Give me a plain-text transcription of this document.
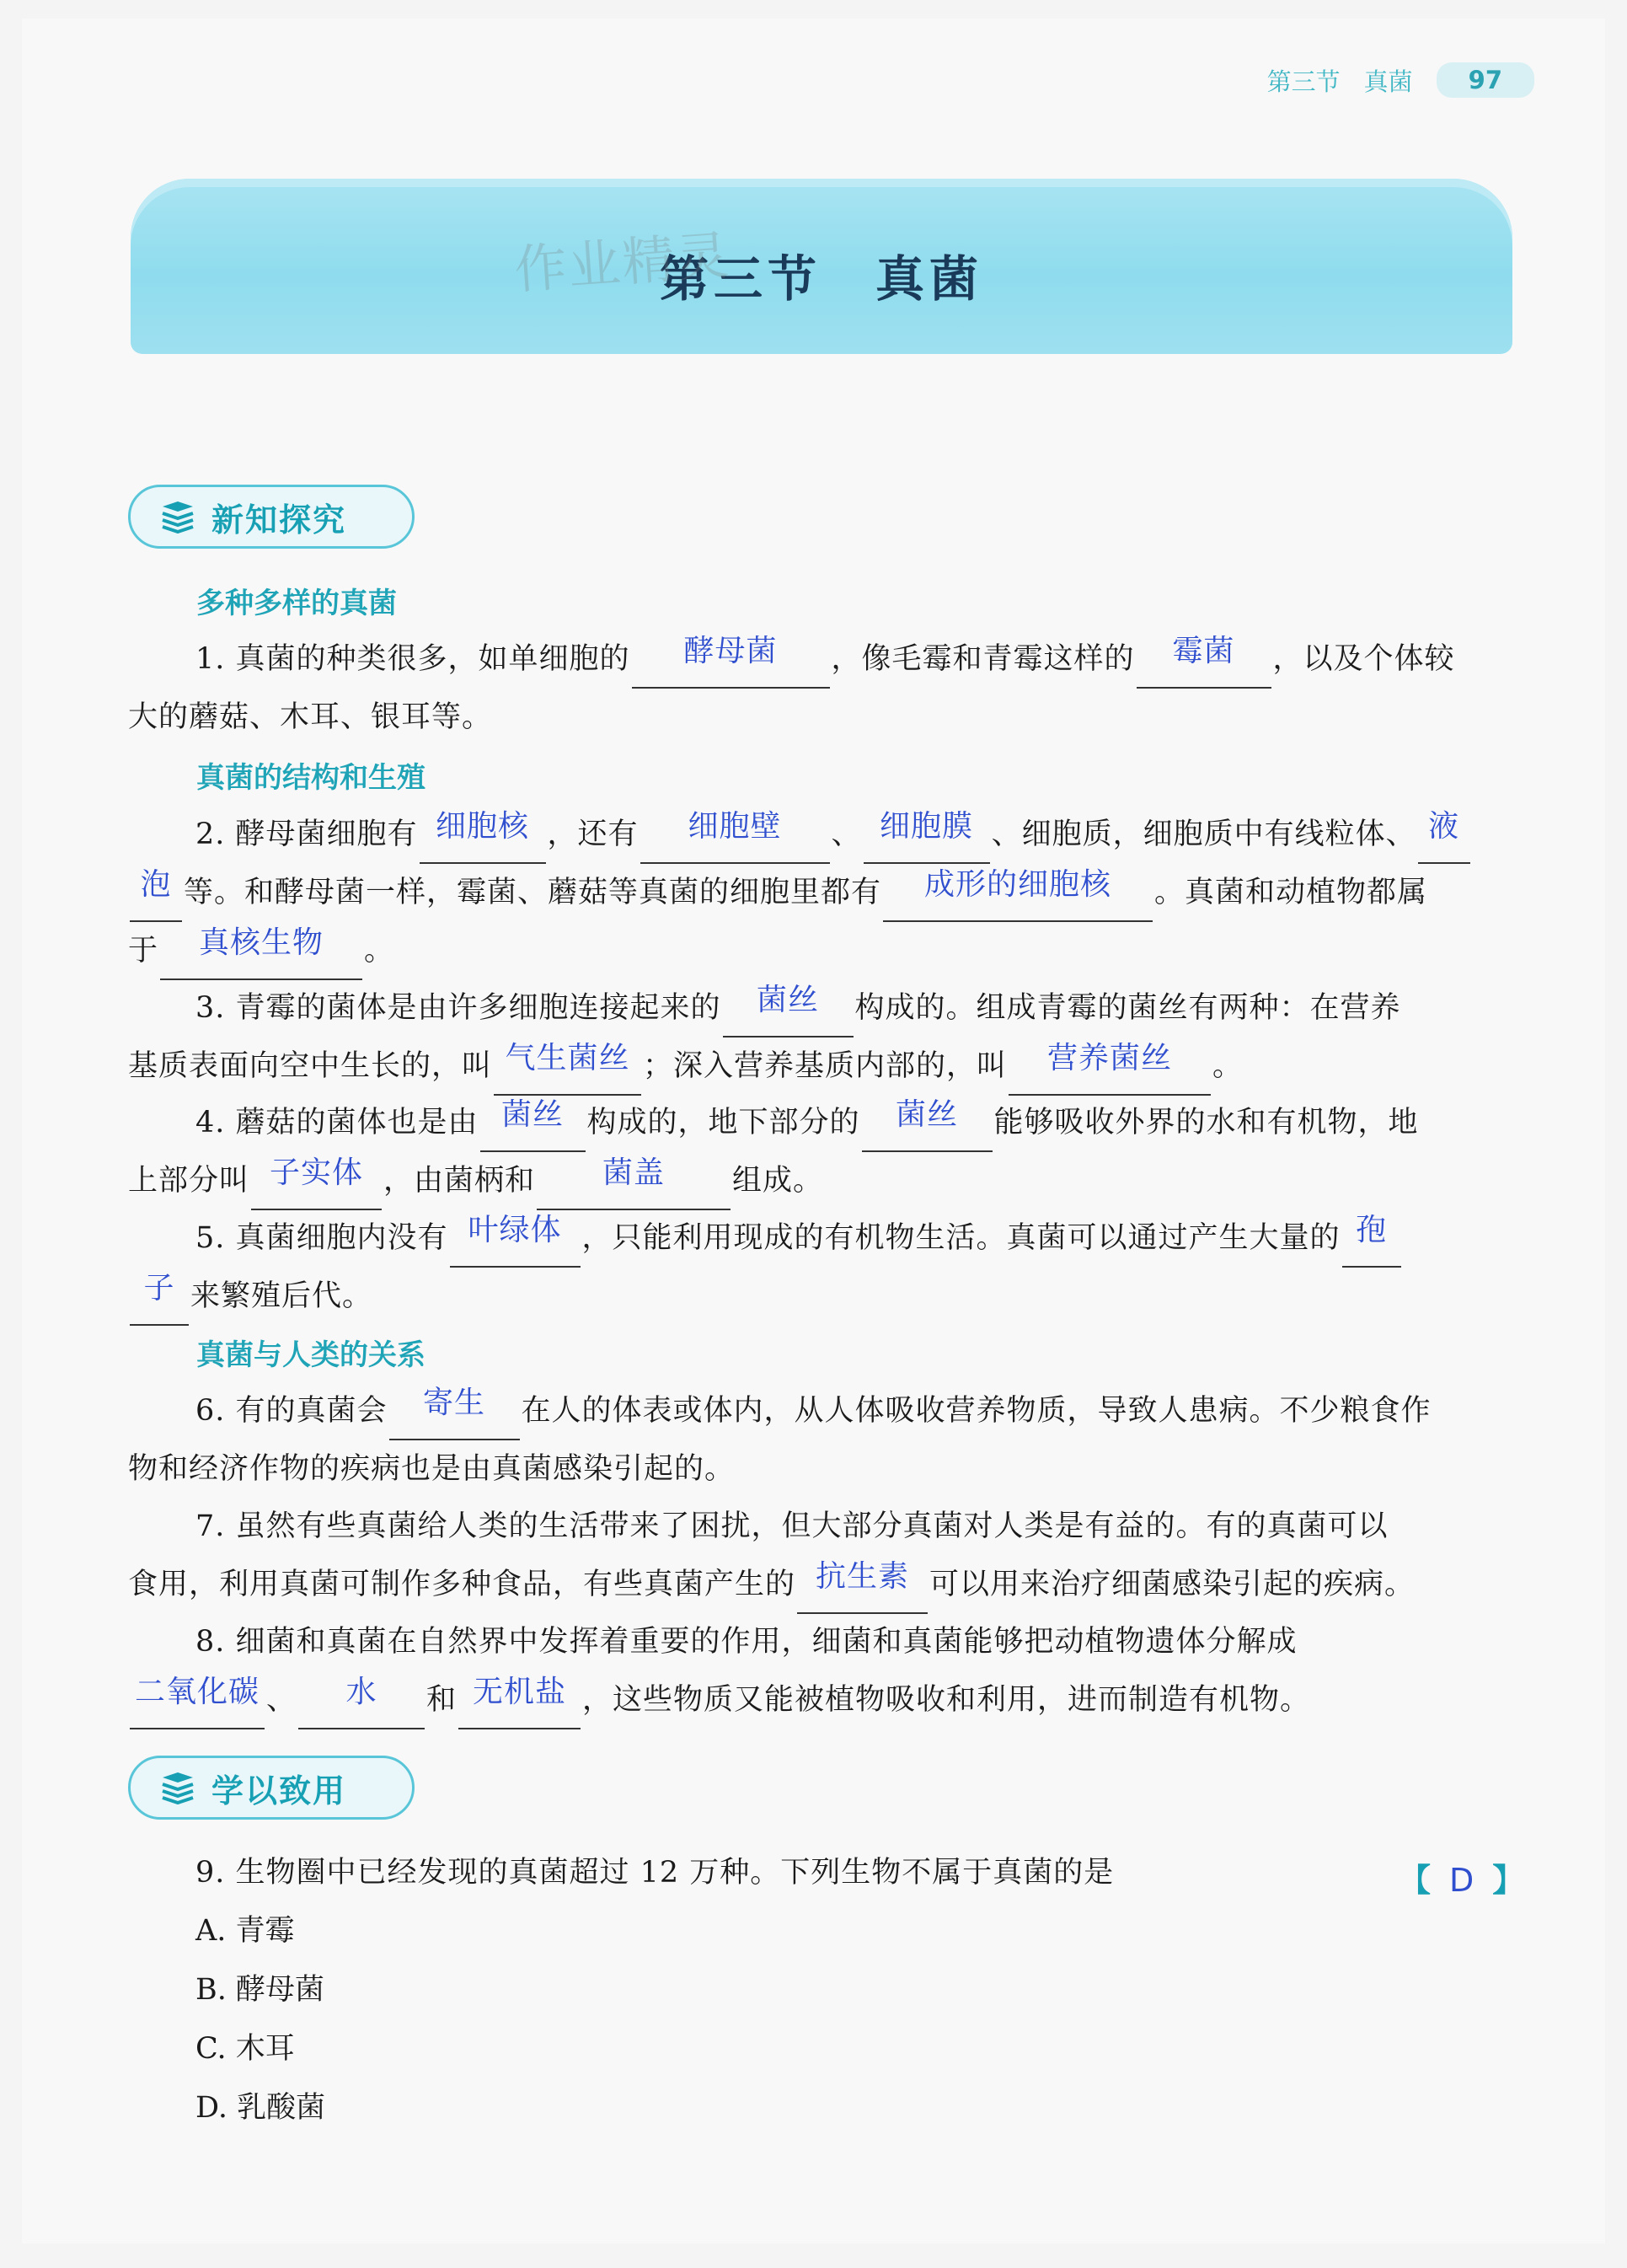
第三节 真菌	97
第三节　真菌
作业精灵
新知探究
多种多样的真菌
1. 真菌的种类很多，如单细胞的	酵母菌	，像毛霉和青霉这样的	霉菌	，以及个体较
大的蘑菇、木耳、银耳等。
真菌的结构和生殖
2. 酵母菌细胞有 细胞核 ，还有	细胞壁	、 细胞膜 、细胞质，细胞质中有线粒体、 液

泡 等。和酵母菌一样，霉菌、蘑菇等真菌的细胞里都有	成形的细胞核	。真菌和动植物都属
于	真核生物	。
3. 青霉的菌体是由许多细胞连接起来的	菌丝	构成的。组成青霉的菌丝有两种：在营养
基质表面向空中生长的，叫 气生菌丝 ；深入营养基质内部的，叫	营养菌丝	。
4. 蘑菇的菌体也是由 菌丝 构成的，地下部分的	菌丝	能够吸收外界的水和有机物，地
上部分叫 子实体 ，由菌柄和	菌盖	组成。
5. 真菌细胞内没有 叶绿体 ，只能利用现成的有机物生活。真菌可以通过产生大量的 孢

子 来繁殖后代。
真菌与人类的关系
6. 有的真菌会	寄生	在人的体表或体内，从人体吸收营养物质，导致人患病。不少粮食作
物和经济作物的疾病也是由真菌感染引起的。
7. 虽然有些真菌给人类的生活带来了困扰，但大部分真菌对人类是有益的。有的真菌可以
食用，利用真菌可制作多种食品，有些真菌产生的 抗生素 可以用来治疗细菌感染引起的疾病。
8. 细菌和真菌在自然界中发挥着重要的作用，细菌和真菌能够把动植物遗体分解成

二氧化碳 、	水	和 无机盐 ，这些物质又能被植物吸收和利用，进而制造有机物。
学以致用
9. 生物圈中已经发现的真菌超过 12 万种。下列生物不属于真菌的是	【 D 】
A. 青霉
B. 酵母菌
C. 木耳
D. 乳酸菌
